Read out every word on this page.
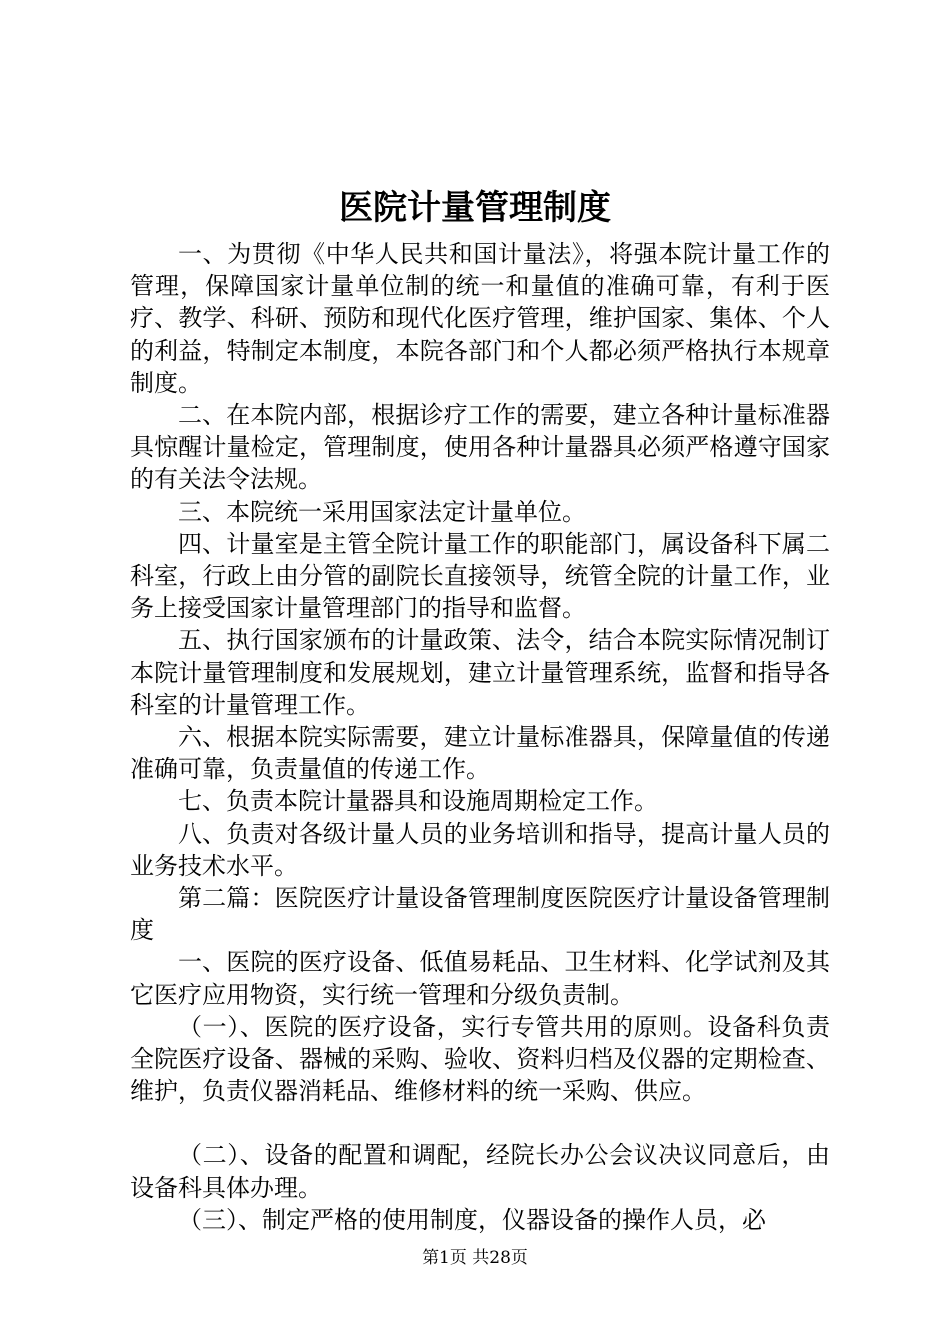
医院计量管理制度

一、为贯彻《中华人民共和国计量法》，将强本院计量工作的管理，保障国家计量单位制的统一和量值的准确可靠，有利于医疗、教学、科研、预防和现代化医疗管理，维护国家、集体、个人的利益，特制定本制度，本院各部门和个人都必须严格执行本规章制度。

二、在本院内部，根据诊疗工作的需要，建立各种计量标准器具惊醒计量检定，管理制度，使用各种计量器具必须严格遵守国家的有关法令法规。

三、本院统一采用国家法定计量单位。

四、计量室是主管全院计量工作的职能部门，属设备科下属二科室，行政上由分管的副院长直接领导，统管全院的计量工作，业务上接受国家计量管理部门的指导和监督。

五、执行国家颁布的计量政策、法令，结合本院实际情况制订本院计量管理制度和发展规划，建立计量管理系统，监督和指导各科室的计量管理工作。

六、根据本院实际需要，建立计量标准器具，保障量值的传递准确可靠，负责量值的传递工作。

七、负责本院计量器具和设施周期检定工作。

八、负责对各级计量人员的业务培训和指导，提高计量人员的业务技术水平。

第二篇：医院医疗计量设备管理制度医院医疗计量设备管理制度

一、医院的医疗设备、低值易耗品、卫生材料、化学试剂及其它医疗应用物资，实行统一管理和分级负责制。

（一）、医院的医疗设备，实行专管共用的原则。设备科负责全院医疗设备、器械的采购、验收、资料归档及仪器的定期检查、维护，负责仪器消耗品、维修材料的统一采购、供应。

（二）、设备的配置和调配，经院长办公会议决议同意后，由设备科具体办理。

（三）、制定严格的使用制度，仪器设备的操作人员，必

第1页 共28页
